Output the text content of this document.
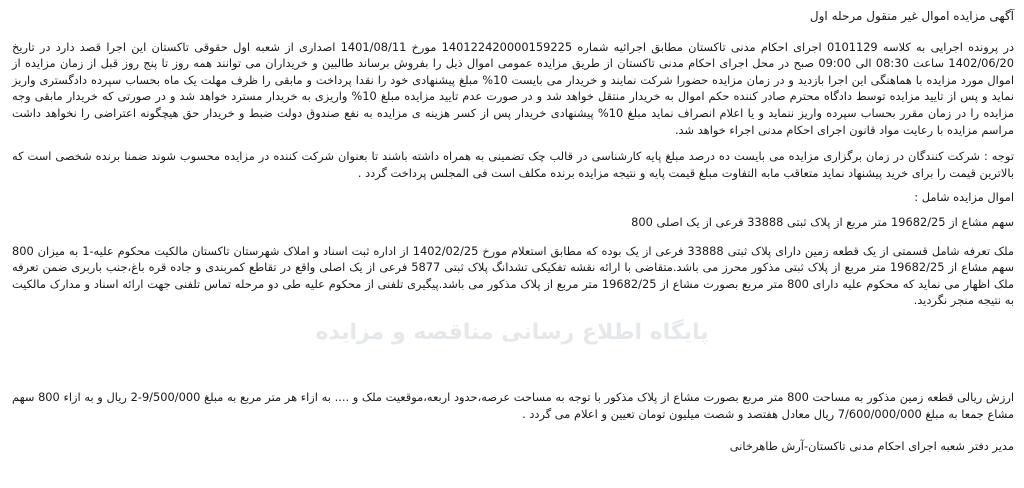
آگهی مزایده اموال غیر منقول مرحله اول

در پرونده اجرایی به کلاسه 0101129 اجرای احکام مدنی تاکستان مطابق اجرائیه شماره 140122420000159225 مورخ 1401/08/11 اصداری از شعبه اول حقوقی تاکستان این اجرا قصد دارد در تاریخ 1402/06/20 ساعت 08:30 الی 09:00 صبح در محل اجرای احکام مدنی تاکستان از طریق مزایده عمومی اموال ذیل را بفروش برساند طالبین و خریداران می توانند همه روز تا پنج روز قبل از زمان مزایده از اموال مورد مزایده با هماهنگی این اجرا بازدید و در زمان مزایده حضورا شرکت نمایند و خریدار می بایست 10% مبلغ پیشنهادی خود را نقدا پرداخت و مابقی را ظرف مهلت یک ماه بحساب سپرده دادگستری واریز نماید و پس از تایید مزایده توسط دادگاه محترم صادر کننده حکم اموال به خریدار منتقل خواهد شد و در صورت عدم تایید مزایده مبلغ 10% واریزی به خریدار مسترد خواهد شد و در صورتی که خریدار مابقی وجه مزایده را در زمان مقرر بحساب سپرده واریز ننماید و یا اعلام انصراف نماید مبلغ 10% پیشنهادی خریدار پس از کسر هزینه ی مزایده به نفع صندوق دولت ضبط و خریدار حق هیچگونه اعتراضی را نخواهد داشت مراسم مزایده با رعایت مواد قانون اجرای احکام مدنی اجراء خواهد شد.

توجه : شرکت کنندگان در زمان برگزاری مزایده می بایست ده درصد مبلغ پایه کارشناسی در قالب چک تضمینی به همراه داشته باشند تا بعنوان شرکت کننده در مزایده محسوب شوند ضمنا برنده شخصی است که بالاترین قیمت را برای خرید پیشنهاد نماید متعاقب مابه التفاوت مبلغ قیمت پایه و نتیجه مزایده برنده مکلف است فی المجلس پرداخت گردد .

اموال مزایده شامل :

سهم مشاع از 19682/25 متر مربع از پلاک ثبتی 33888 فرعی از یک اصلی 800

ملک تعرفه شامل قسمتی از یک قطعه زمین دارای پلاک ثبتی 33888 فرعی از یک بوده که مطابق استعلام مورخ 1402/02/25 از اداره ثبت اسناد و املاک شهرستان تاکستان مالکیت محکوم علیه-1 به میزان 800 سهم مشاع از 19682/25 متر مربع از پلاک ثبتی مذکور محرز می باشد.متقاضی با ارائه نقشه تفکیکی تشدانگ پلاک ثبتی 5877 فرعی از یک اصلی واقع در تقاطع کمربندی و جاده قره باغ،جنب باربری ضمن تعرفه ملک اظهار می نماید که محکوم علیه دارای 800 متر مربع بصورت مشاع از 19682/25 متر مربع از پلاک مذکور می باشد.پیگیری تلفنی از محکوم علیه طی دو مرحله تماس تلفنی جهت ارائه اسناد و مدارک مالکیت به نتیجه منجر نگردید.

ارزش ریالی قطعه زمین مذکور به مساحت 800 متر مربع بصورت مشاع از پلاک مذکور با توجه به مساحت عرصه،حدود اربعه،موقعیت ملک و .... به ازاء هر متر مربع به مبلغ 9/500/000-2 ریال و به ازاء 800 سهم مشاع جمعا به مبلغ 7/600/000/000 ریال معادل هفتصد و شصت میلیون تومان تعیین و اعلام می گردد .

مدیر دفتر شعبه اجرای احکام مدنی تاکستان-آرش طاهرخانی

پایگاه اطلاع رسانی مناقصه و مزایده
